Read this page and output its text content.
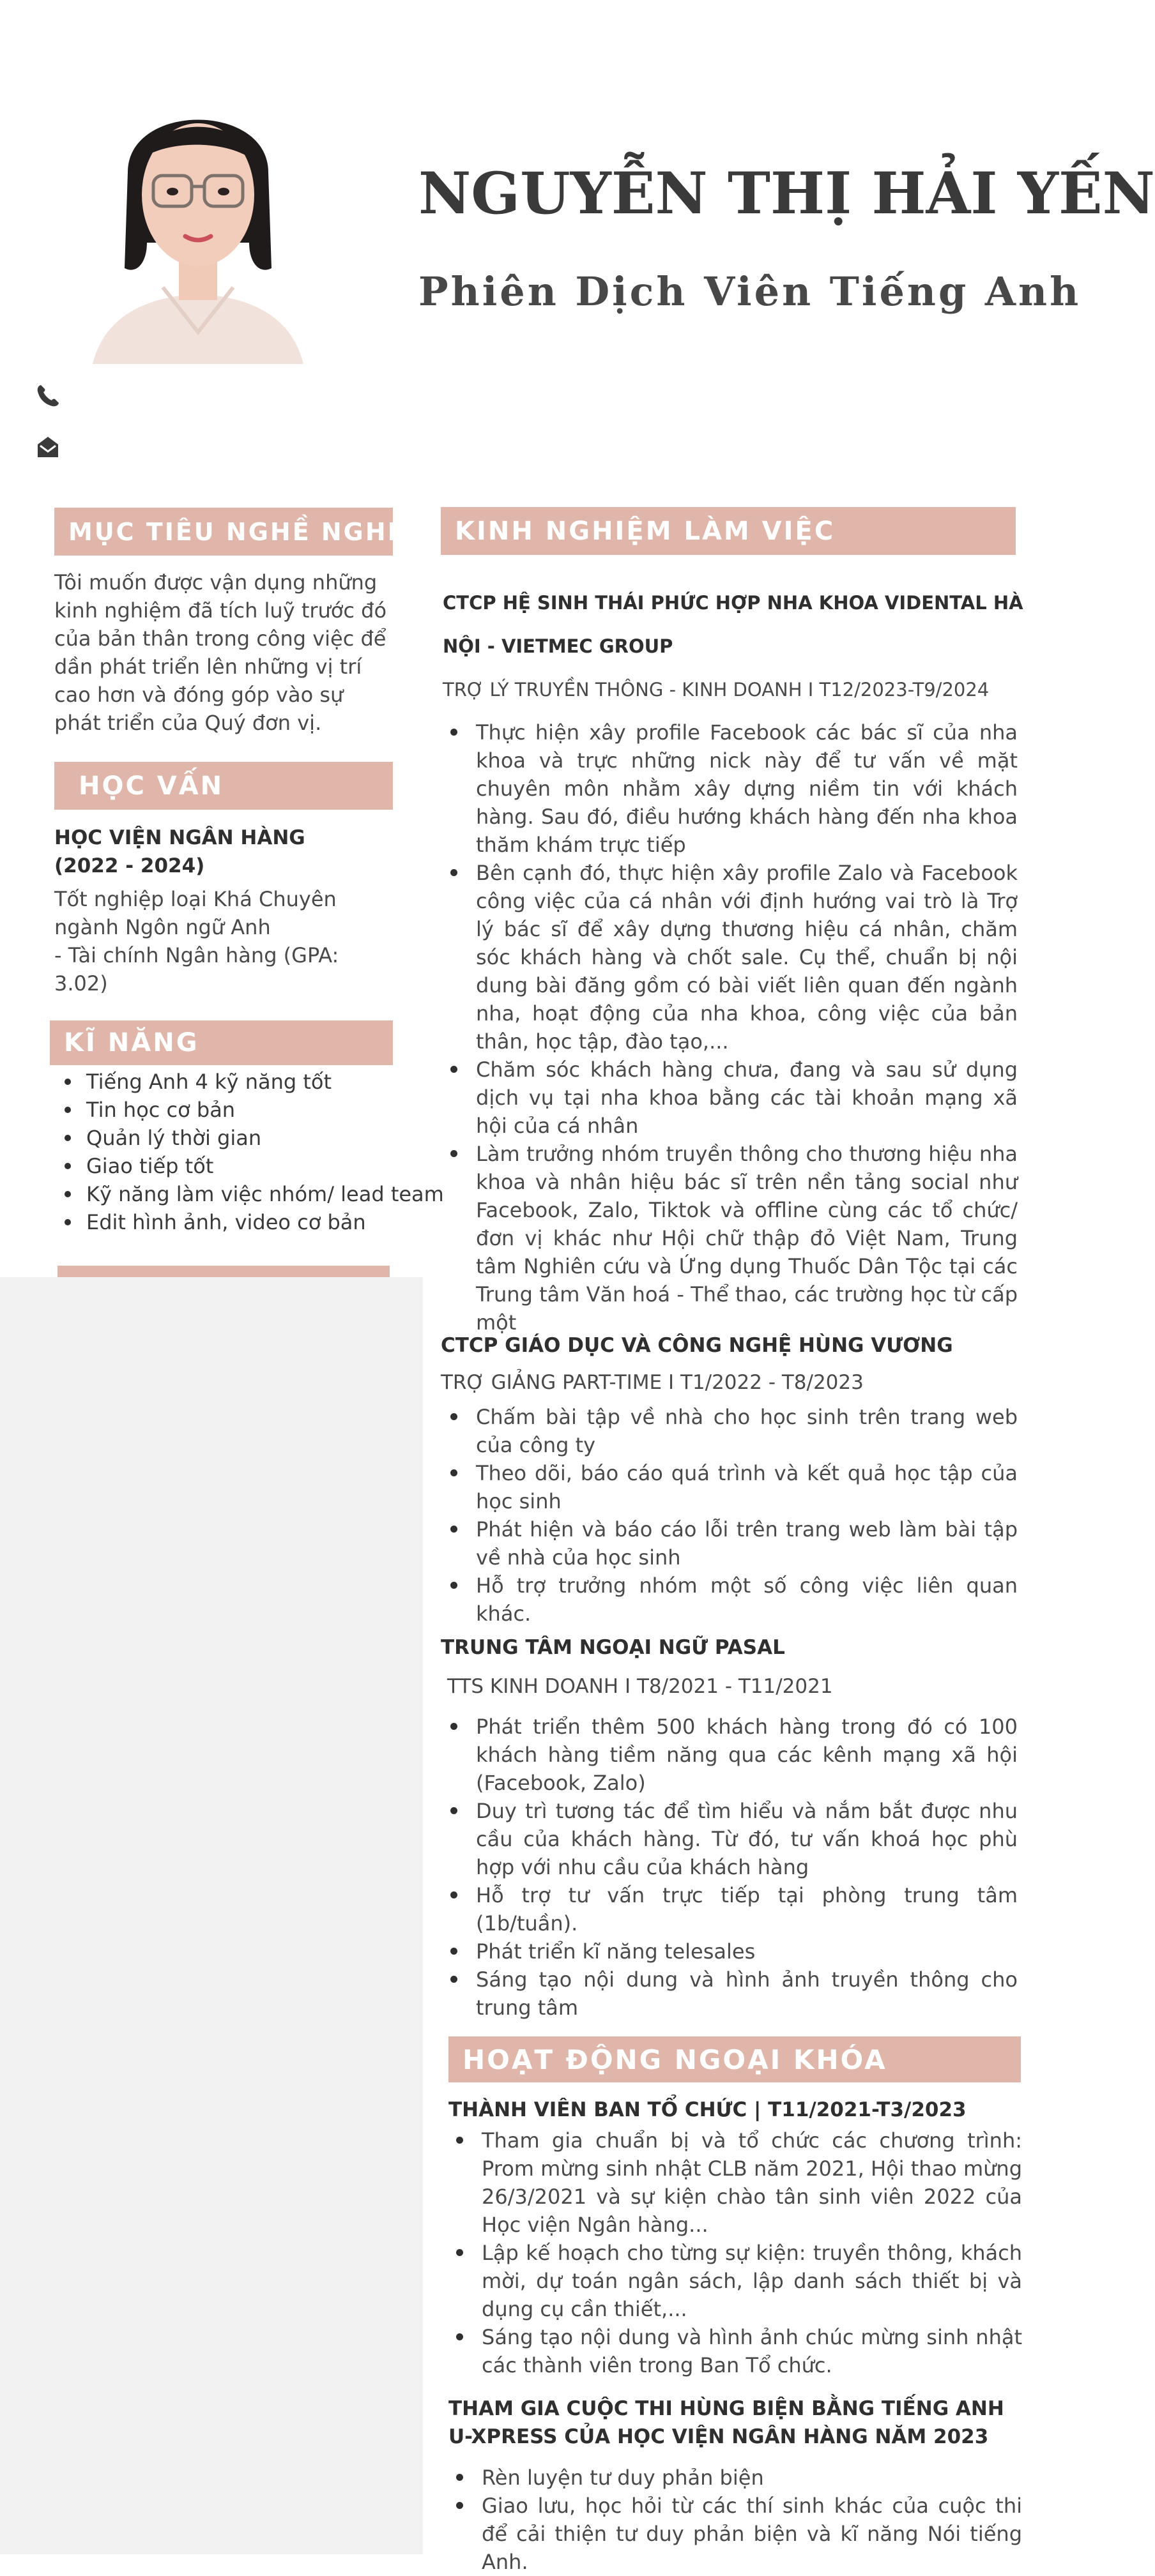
NGUYỄN THỊ HẢI YẾN
Phiên Dịch Viên Tiếng Anh
MỤC TIÊU NGHỀ NGHIỆP
Tôi muốn được vận dụng những kinh nghiệm đã tích luỹ trước đó của bản thân trong công việc để dần phát triển lên những vị trí cao hơn và đóng góp vào sự phát triển của Quý đơn vị.
HỌC VẤN
HỌC VIỆN NGÂN HÀNG (2022 - 2024)
Tốt nghiệp loại Khá Chuyên ngành Ngôn ngữ Anh
- Tài chính Ngân hàng (GPA: 3.02)
KĨ NĂNG
Tiếng Anh 4 kỹ năng tốt
Tin học cơ bản
Quản lý thời gian
Giao tiếp tốt
Kỹ năng làm việc nhóm/ lead team
Edit hình ảnh, video cơ bản
KINH NGHIỆM LÀM VIỆC
CTCP HỆ SINH THÁI PHỨC HỢP NHA KHOA VIDENTAL HÀ
NỘI - VIETMEC GROUP
TRỢ LÝ TRUYỀN THÔNG - KINH DOANH I T12/2023-T9/2024
Thực hiện xây profile Facebook các bác sĩ của nha khoa và trực những nick này để tư vấn về mặt chuyên môn nhằm xây dựng niềm tin với khách hàng. Sau đó, điều hướng khách hàng đến nha khoa thăm khám trực tiếp
Bên cạnh đó, thực hiện xây profile Zalo và Facebook công việc của cá nhân với định hướng vai trò là Trợ lý bác sĩ để xây dựng thương hiệu cá nhân, chăm sóc khách hàng và chốt sale. Cụ thể, chuẩn bị nội dung bài đăng gồm có bài viết liên quan đến ngành nha, hoạt động của nha khoa, công việc của bản thân, học tập, đào tạo,...
Chăm sóc khách hàng chưa, đang và sau sử dụng dịch vụ tại nha khoa bằng các tài khoản mạng xã hội của cá nhân
Làm trưởng nhóm truyền thông cho thương hiệu nha khoa và nhân hiệu bác sĩ trên nền tảng social như Facebook, Zalo, Tiktok và offline cùng các tổ chức/ đơn vị khác như Hội chữ thập đỏ Việt Nam, Trung tâm Nghiên cứu và Ứng dụng Thuốc Dân Tộc tại các Trung tâm Văn hoá - Thể thao, các trường học từ cấp một
CTCP GIÁO DỤC VÀ CÔNG NGHỆ HÙNG VƯƠNG
TRỢ GIẢNG PART-TIME I T1/2022 - T8/2023
Chấm bài tập về nhà cho học sinh trên trang web của công ty
Theo dõi, báo cáo quá trình và kết quả học tập của học sinh
Phát hiện và báo cáo lỗi trên trang web làm bài tập về nhà của học sinh
Hỗ trợ trưởng nhóm một số công việc liên quan khác.
TRUNG TÂM NGOẠI NGỮ PASAL
TTS KINH DOANH I T8/2021 - T11/2021
Phát triển thêm 500 khách hàng trong đó có 100 khách hàng tiềm năng qua các kênh mạng xã hội (Facebook, Zalo)
Duy trì tương tác để tìm hiểu và nắm bắt được nhu cầu của khách hàng. Từ đó, tư vấn khoá học phù hợp với nhu cầu của khách hàng
Hỗ trợ tư vấn trực tiếp tại phòng trung tâm (1b/tuần).
Phát triển kĩ năng telesales
Sáng tạo nội dung và hình ảnh truyền thông cho trung tâm
HOẠT ĐỘNG NGOẠI KHÓA
THÀNH VIÊN BAN TỔ CHỨC | T11/2021-T3/2023
Tham gia chuẩn bị và tổ chức các chương trình: Prom mừng sinh nhật CLB năm 2021, Hội thao mừng 26/3/2021 và sự kiện chào tân sinh viên 2022 của Học viện Ngân hàng...
Lập kế hoạch cho từng sự kiện: truyền thông, khách mời, dự toán ngân sách, lập danh sách thiết bị và dụng cụ cần thiết,...
Sáng tạo nội dung và hình ảnh chúc mừng sinh nhật các thành viên trong Ban Tổ chức.
THAM GIA CUỘC THI HÙNG BIỆN BẰNG TIẾNG ANH U-XPRESS CỦA HỌC VIỆN NGÂN HÀNG NĂM 2023
Rèn luyện tư duy phản biện
Giao lưu, học hỏi từ các thí sinh khác của cuộc thi để cải thiện tư duy phản biện và kĩ năng Nói tiếng Anh.
